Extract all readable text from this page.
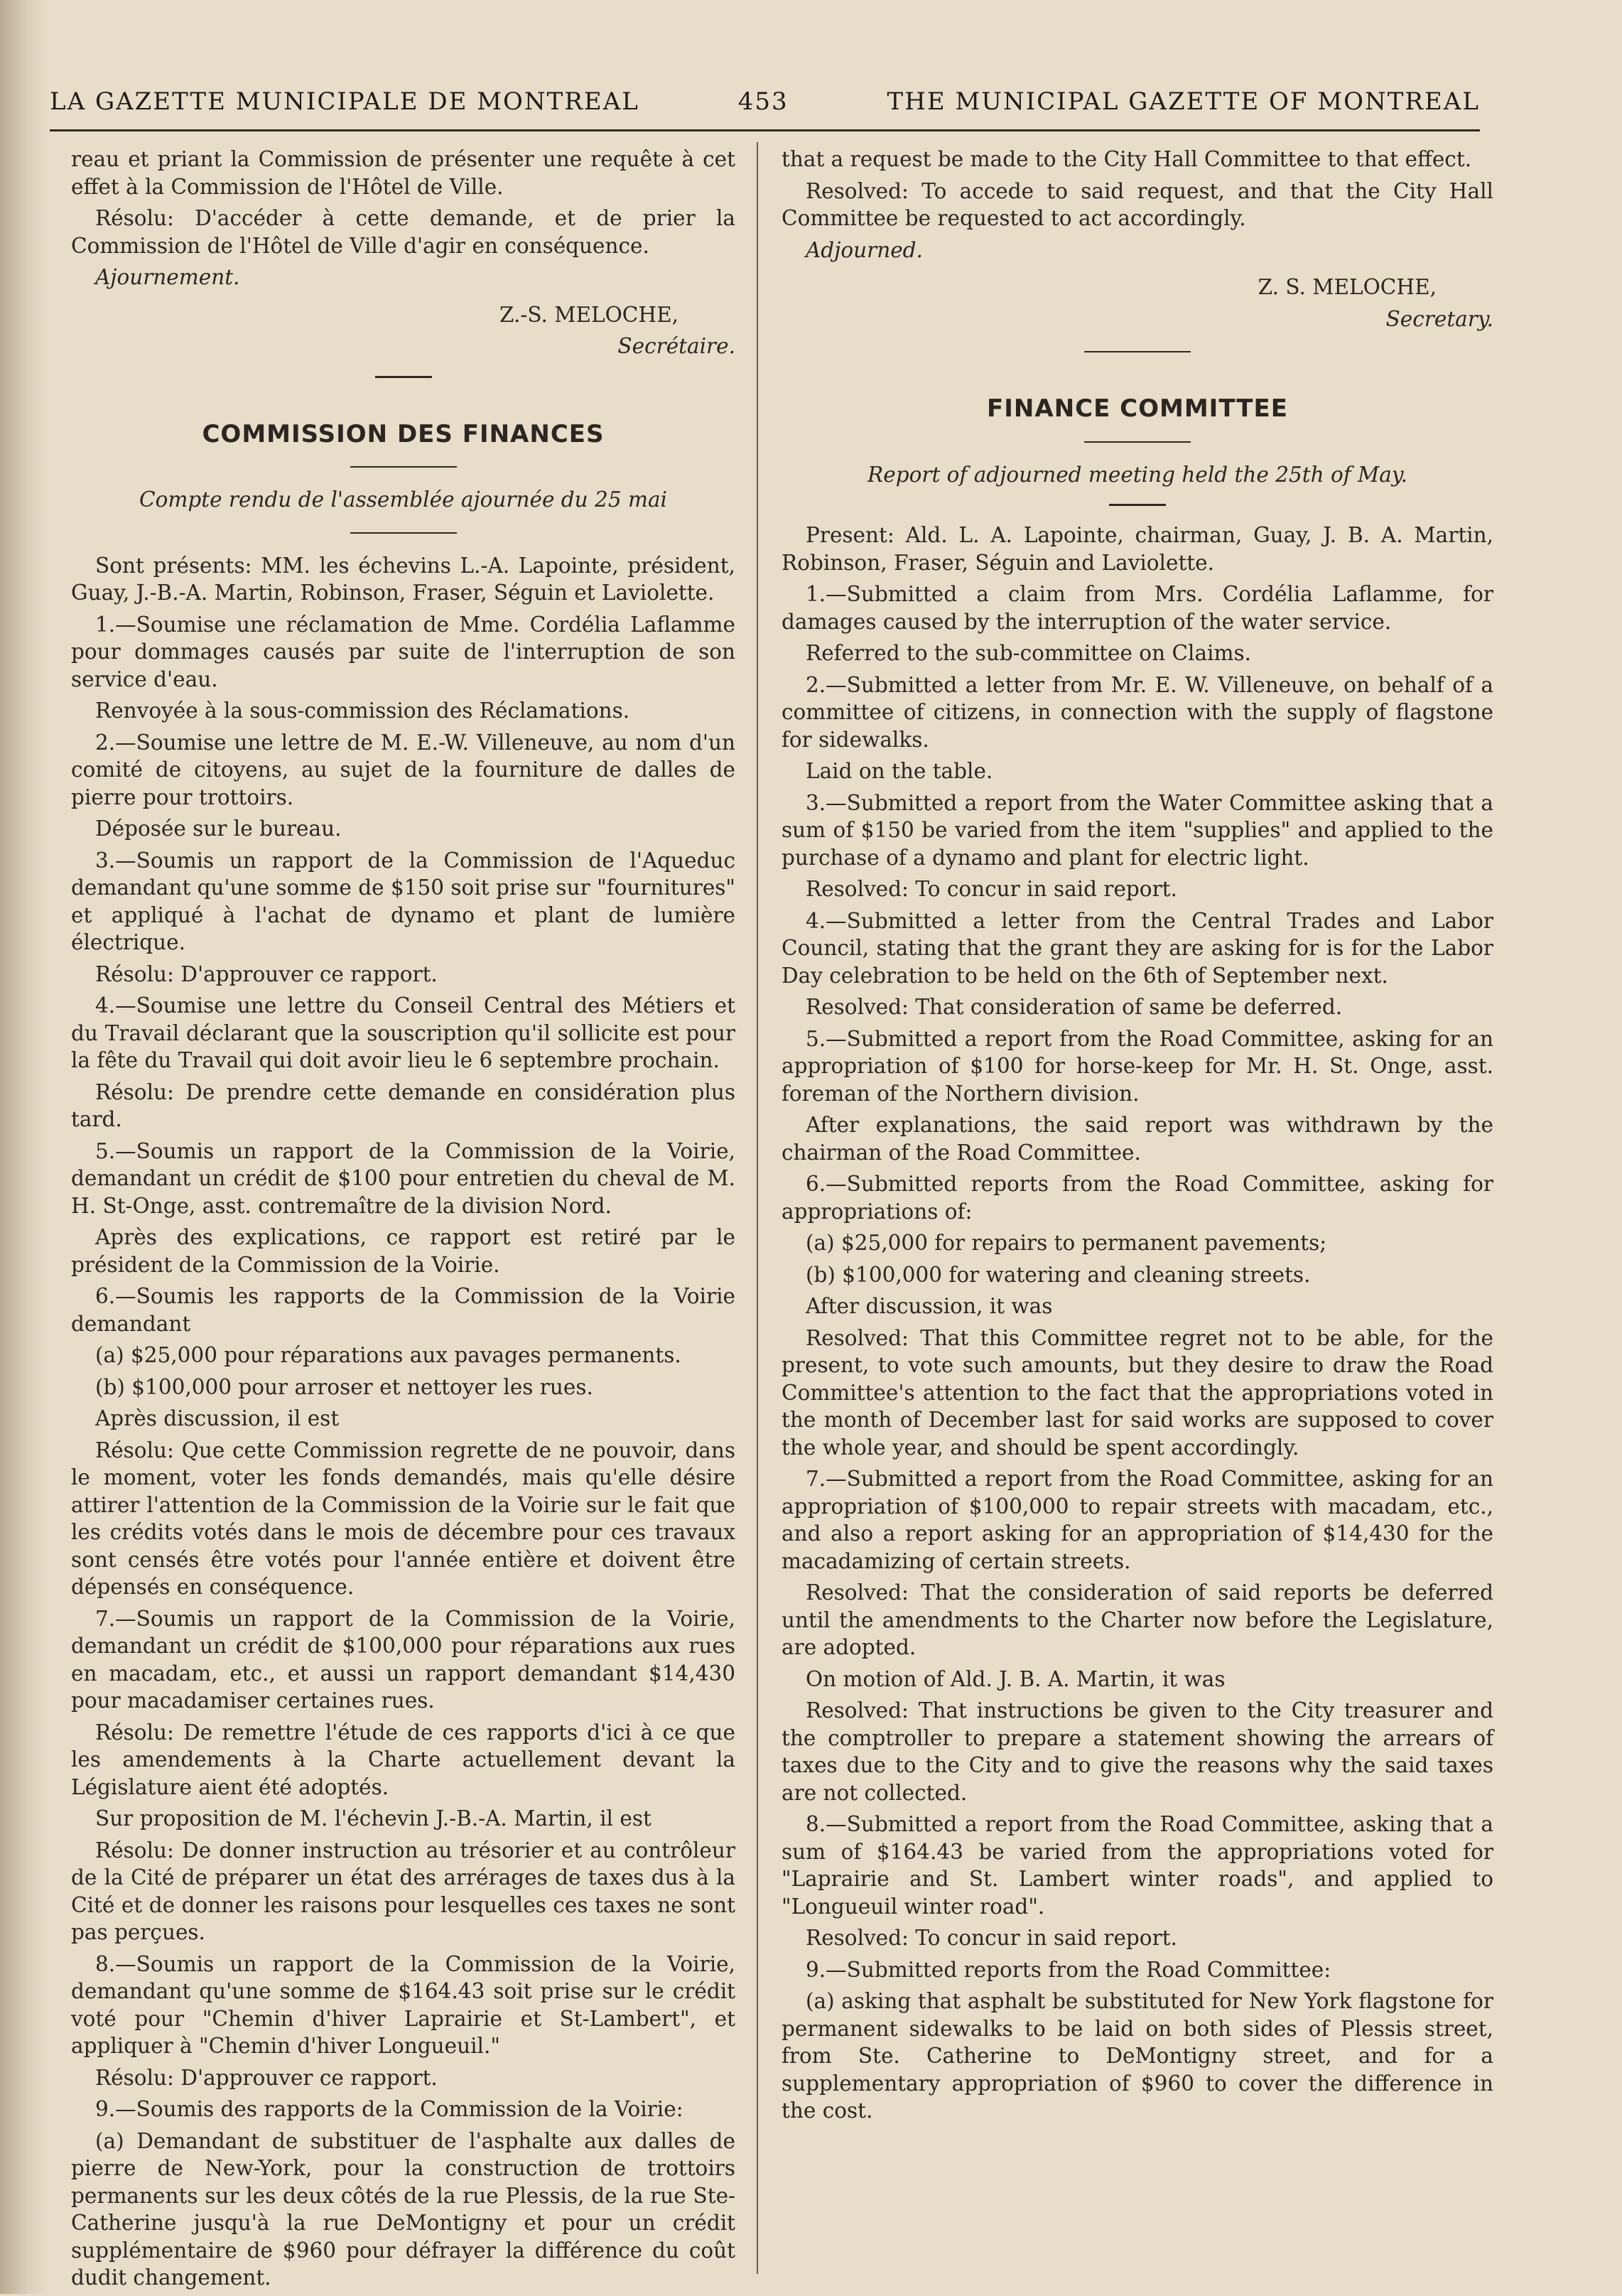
LA GAZETTE MUNICIPALE DE MONTREAL	453	THE MUNICIPAL GAZETTE OF MONTREAL

reau et priant la Commission de présenter une requête à cet effet à la Commission de l'Hôtel de Ville.

Résolu: D'accéder à cette demande, et de prier la Commission de l'Hôtel de Ville d'agir en conséquence.

Ajournement.

Z.-S. MELOCHE,

Secrétaire.

COMMISSION DES FINANCES

Compte rendu de l'assemblée ajournée du 25 mai

Sont présents: MM. les échevins L.-A. Lapointe, président, Guay, J.-B.-A. Martin, Robinson, Fraser, Séguin et Laviolette.

1.—Soumise une réclamation de Mme. Cordélia Laflamme pour dommages causés par suite de l'interruption de son service d'eau.

Renvoyée à la sous-commission des Réclamations.

2.—Soumise une lettre de M. E.-W. Villeneuve, au nom d'un comité de citoyens, au sujet de la fourniture de dalles de pierre pour trottoirs.

Déposée sur le bureau.

3.—Soumis un rapport de la Commission de l'Aqueduc demandant qu'une somme de $150 soit prise sur "fournitures" et appliqué à l'achat de dynamo et plant de lumière électrique.

Résolu: D'approuver ce rapport.

4.—Soumise une lettre du Conseil Central des Métiers et du Travail déclarant que la souscription qu'il sollicite est pour la fête du Travail qui doit avoir lieu le 6 septembre prochain.

Résolu: De prendre cette demande en considération plus tard.

5.—Soumis un rapport de la Commission de la Voirie, demandant un crédit de $100 pour entretien du cheval de M. H. St-Onge, asst. contremaître de la division Nord.

Après des explications, ce rapport est retiré par le président de la Commission de la Voirie.

6.—Soumis les rapports de la Commission de la Voirie demandant

(a) $25,000 pour réparations aux pavages permanents.

(b) $100,000 pour arroser et nettoyer les rues.

Après discussion, il est

Résolu: Que cette Commission regrette de ne pouvoir, dans le moment, voter les fonds demandés, mais qu'elle désire attirer l'attention de la Commission de la Voirie sur le fait que les crédits votés dans le mois de décembre pour ces travaux sont censés être votés pour l'année entière et doivent être dépensés en conséquence.

7.—Soumis un rapport de la Commission de la Voirie, demandant un crédit de $100,000 pour réparations aux rues en macadam, etc., et aussi un rapport demandant $14,430 pour macadamiser certaines rues.

Résolu: De remettre l'étude de ces rapports d'ici à ce que les amendements à la Charte actuellement devant la Législature aient été adoptés.

Sur proposition de M. l'échevin J.-B.-A. Martin, il est

Résolu: De donner instruction au trésorier et au contrôleur de la Cité de préparer un état des arrérages de taxes dus à la Cité et de donner les raisons pour lesquelles ces taxes ne sont pas perçues.

8.—Soumis un rapport de la Commission de la Voirie, demandant qu'une somme de $164.43 soit prise sur le crédit voté pour "Chemin d'hiver Laprairie et St-Lambert", et appliquer à "Chemin d'hiver Longueuil."

Résolu: D'approuver ce rapport.

9.—Soumis des rapports de la Commission de la Voirie:

(a) Demandant de substituer de l'asphalte aux dalles de pierre de New-York, pour la construction de trottoirs permanents sur les deux côtés de la rue Plessis, de la rue Ste-Catherine jusqu'à la rue DeMontigny et pour un crédit supplémentaire de $960 pour défrayer la différence du coût dudit changement.

that a request be made to the City Hall Committee to that effect.

Resolved: To accede to said request, and that the City Hall Committee be requested to act accordingly.

Adjourned.

Z. S. MELOCHE,

Secretary.

FINANCE COMMITTEE

Report of adjourned meeting held the 25th of May.

Present: Ald. L. A. Lapointe, chairman, Guay, J. B. A. Martin, Robinson, Fraser, Séguin and Laviolette.

1.—Submitted a claim from Mrs. Cordélia Laflamme, for damages caused by the interruption of the water service.

Referred to the sub-committee on Claims.

2.—Submitted a letter from Mr. E. W. Villeneuve, on behalf of a committee of citizens, in connection with the supply of flagstone for sidewalks.

Laid on the table.

3.—Submitted a report from the Water Committee asking that a sum of $150 be varied from the item "supplies" and applied to the purchase of a dynamo and plant for electric light.

Resolved: To concur in said report.

4.—Submitted a letter from the Central Trades and Labor Council, stating that the grant they are asking for is for the Labor Day celebration to be held on the 6th of September next.

Resolved: That consideration of same be deferred.

5.—Submitted a report from the Road Committee, asking for an appropriation of $100 for horse-keep for Mr. H. St. Onge, asst. foreman of the Northern division.

After explanations, the said report was withdrawn by the chairman of the Road Committee.

6.—Submitted reports from the Road Committee, asking for appropriations of:

(a) $25,000 for repairs to permanent pavements;

(b) $100,000 for watering and cleaning streets.

After discussion, it was

Resolved: That this Committee regret not to be able, for the present, to vote such amounts, but they desire to draw the Road Committee's attention to the fact that the appropriations voted in the month of December last for said works are supposed to cover the whole year, and should be spent accordingly.

7.—Submitted a report from the Road Committee, asking for an appropriation of $100,000 to repair streets with macadam, etc., and also a report asking for an appropriation of $14,430 for the macadamizing of certain streets.

Resolved: That the consideration of said reports be deferred until the amendments to the Charter now before the Legislature, are adopted.

On motion of Ald. J. B. A. Martin, it was

Resolved: That instructions be given to the City treasurer and the comptroller to prepare a statement showing the arrears of taxes due to the City and to give the reasons why the said taxes are not collected.

8.—Submitted a report from the Road Committee, asking that a sum of $164.43 be varied from the appropriations voted for "Laprairie and St. Lambert winter roads", and applied to "Longueuil winter road".

Resolved: To concur in said report.

9.—Submitted reports from the Road Committee:

(a) asking that asphalt be substituted for New York flagstone for permanent sidewalks to be laid on both sides of Plessis street, from Ste. Catherine to DeMontigny street, and for a supplementary appropriation of $960 to cover the difference in the cost.
